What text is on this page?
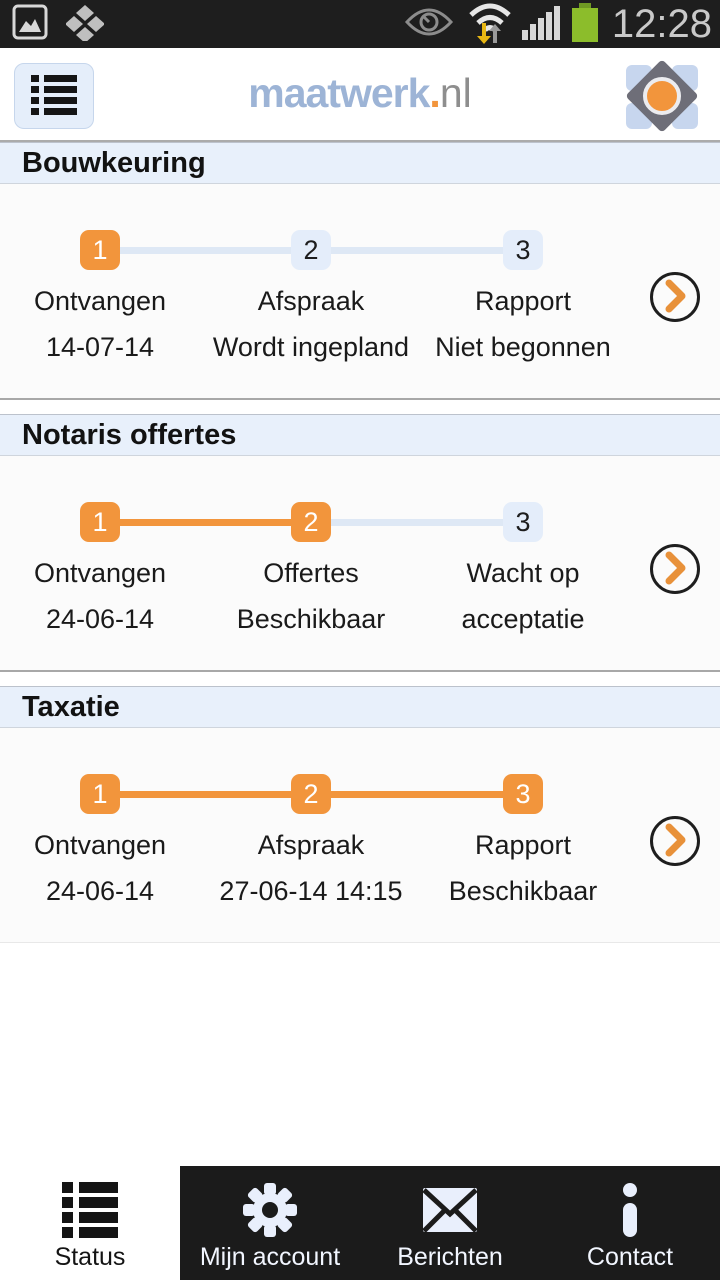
12:28
maatwerk.nl
Bouwkeuring
1
Ontvangen
14-07-14
2
Afspraak
Wordt ingepland
3
Rapport
Niet begonnen
Notaris offertes
1
Ontvangen
24-06-14
2
Offertes
Beschikbaar
3
Wacht op
acceptatie
Taxatie
1
Ontvangen
24-06-14
2
Afspraak
27-06-14 14:15
3
Rapport
Beschikbaar
Status	Mijn account Berichten	Contact
